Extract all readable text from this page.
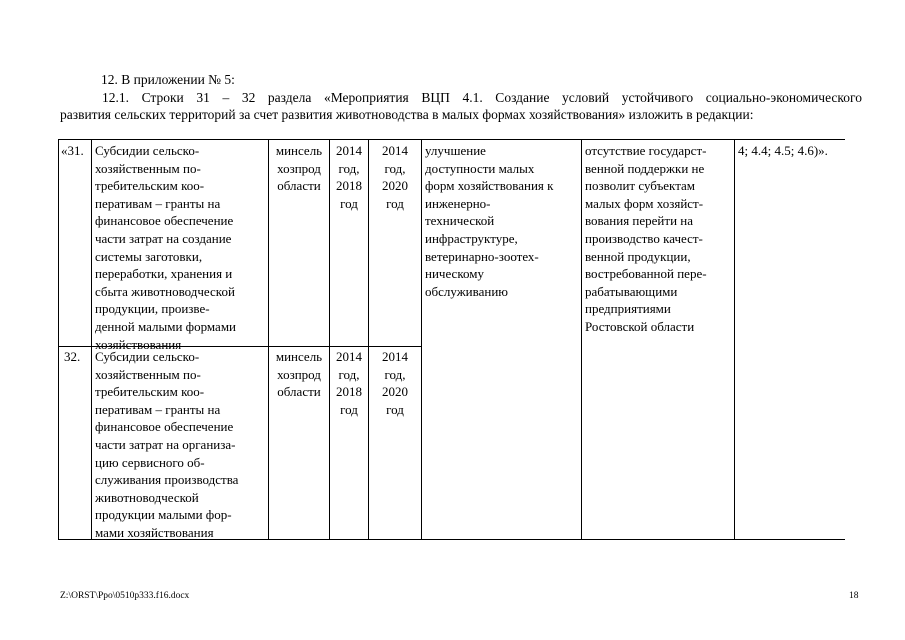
12. В приложении № 5:
12.1. Строки 31 – 32 раздела «Мероприятия ВЦП 4.1. Создание условий устойчивого социально-экономического
развития сельских территорий за счет развития животноводства в малых формах хозяйствования» изложить в редакции:
«31. Субсидии сельско-
хозяйственным по-
требительским коо-
перативам – гранты на
финансовое обеспечение
части затрат на создание
системы заготовки,
переработки, хранения и
сбыта животноводческой
продукции, произве-
денной малыми формами
хозяйствования
минсель
хозпрод
области
2014
год,
2018
год
2014
год,
2020
год
улучшение
доступности малых
форм хозяйствования к
инженерно-
технической
инфраструктуре,
ветеринарно-зоотех-
ническому
обслуживанию
отсутствие государст-
венной поддержки не
позволит субъектам
малых форм хозяйст-
вования перейти на
производство качест-
венной продукции,
востребованной пере-
рабатывающими
предприятиями
Ростовской области
4; 4.4; 4.5; 4.6)».
32. Субсидии сельско-
хозяйственным по-
требительским коо-
перативам – гранты на
финансовое обеспечение
части затрат на организа-
цию сервисного об-
служивания производства
животноводческой
продукции малыми фор-
мами хозяйствования
минсель
хозпрод
области
2014
год,
2018
год
2014
год,
2020
год
Z:\ORST\Ppo\0510p333.f16.docx	18
